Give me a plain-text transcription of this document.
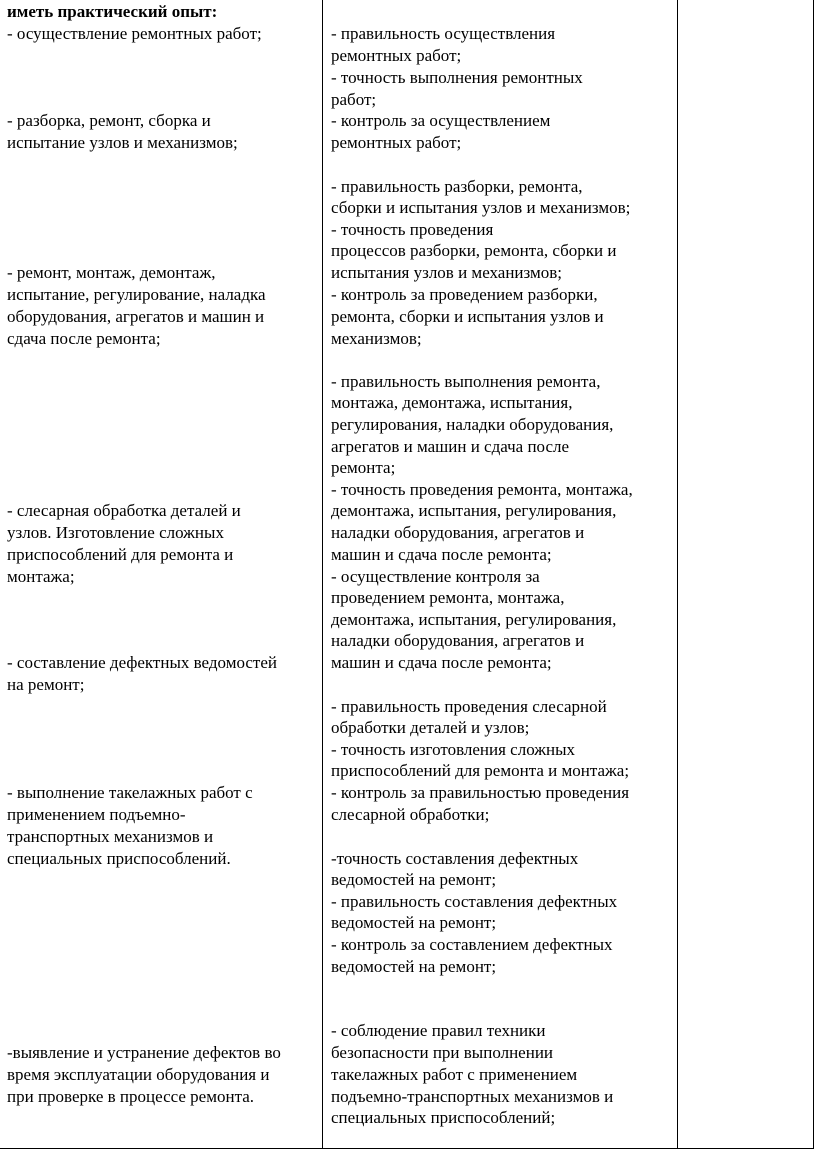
иметь практический опыт:
- осуществление ремонтных работ;
- разборка, ремонт, сборка и
испытание узлов и механизмов;
- ремонт, монтаж, демонтаж,
испытание, регулирование, наладка
оборудования, агрегатов и машин и
сдача после ремонта;
- слесарная обработка деталей и
узлов. Изготовление сложных
приспособлений для ремонта и
монтажа;
- составление дефектных ведомостей
на ремонт;
- выполнение такелажных работ с
применением подъемно-
транспортных механизмов и
специальных приспособлений.
-выявление и устранение дефектов во
время эксплуатации оборудования и
при проверке в процессе ремонта.
- правильность осуществления
ремонтных работ;
- точность выполнения ремонтных
работ;
- контроль за осуществлением
ремонтных работ;
- правильность разборки, ремонта,
сборки и испытания узлов и механизмов;
- точность проведения
процессов разборки, ремонта, сборки и
испытания узлов и механизмов;
- контроль за проведением разборки,
ремонта, сборки и испытания узлов и
механизмов;
- правильность выполнения ремонта,
монтажа, демонтажа, испытания,
регулирования, наладки оборудования,
агрегатов и машин и сдача после
ремонта;
- точность проведения ремонта, монтажа,
демонтажа, испытания, регулирования,
наладки оборудования, агрегатов и
машин и сдача после ремонта;
- осуществление контроля за
проведением ремонта, монтажа,
демонтажа, испытания, регулирования,
наладки оборудования, агрегатов и
машин и сдача после ремонта;
- правильность проведения слесарной
обработки деталей и узлов;
- точность изготовления сложных
приспособлений для ремонта и монтажа;
- контроль за правильностью проведения
слесарной обработки;
-точность составления дефектных
ведомостей на ремонт;
- правильность составления дефектных
ведомостей на ремонт;
- контроль за составлением дефектных
ведомостей на ремонт;
- соблюдение правил техники
безопасности при выполнении
такелажных работ с применением
подъемно-транспортных механизмов и
специальных приспособлений;
